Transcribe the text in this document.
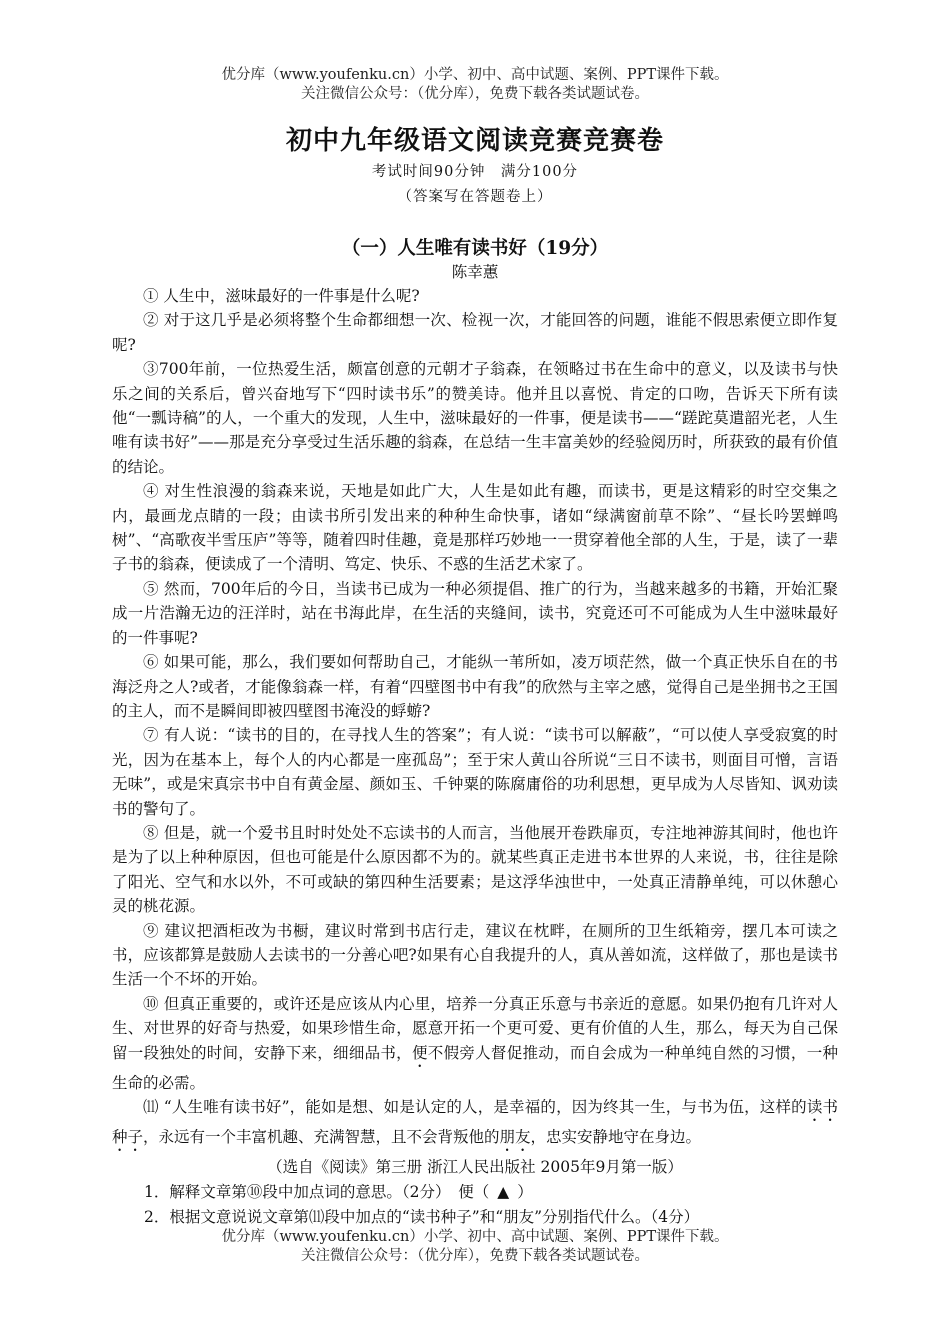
优分库（www.youfenku.cn）小学、初中、高中试题、案例、PPT课件下载。
关注微信公众号：（优分库），免费下载各类试题试卷。
初中九年级语文阅读竞赛竞赛卷
考试时间90分钟　满分100分
（答案写在答题卷上）
（一）人生唯有读书好（19分）
陈幸蕙

① 人生中，滋味最好的一件事是什么呢?

② 对于这几乎是必须将整个生命都细想一次、检视一次，才能回答的问题，谁能不假思索便立即作复呢?

③700年前，一位热爱生活，颇富创意的元朝才子翁森，在领略过书在生命中的意义，以及读书与快乐之间的关系后，曾兴奋地写下“四时读书乐”的赞美诗。他并且以喜悦、肯定的口吻，告诉天下所有读他“一瓢诗稿”的人，一个重大的发现，人生中，滋味最好的一件事，便是读书——“蹉跎莫遣韶光老，人生唯有读书好”——那是充分享受过生活乐趣的翁森，在总结一生丰富美妙的经验阅历时，所获致的最有价值的结论。

④ 对生性浪漫的翁森来说，天地是如此广大，人生是如此有趣，而读书，更是这精彩的时空交集之内，最画龙点睛的一段；由读书所引发出来的种种生命快事，诸如“绿满窗前草不除”、“昼长吟罢蝉鸣树”、“高歌夜半雪压庐”等等，随着四时佳趣，竟是那样巧妙地一一贯穿着他全部的人生，于是，读了一辈子书的翁森，便读成了一个清明、笃定、快乐、不惑的生活艺术家了。

⑤ 然而，700年后的今日，当读书已成为一种必须提倡、推广的行为，当越来越多的书籍，开始汇聚成一片浩瀚无边的汪洋时，站在书海此岸，在生活的夹缝间，读书，究竟还可不可能成为人生中滋味最好的一件事呢?

⑥ 如果可能，那么，我们要如何帮助自己，才能纵一苇所如，凌万顷茫然，做一个真正快乐自在的书海泛舟之人?或者，才能像翁森一样，有着“四壁图书中有我”的欣然与主宰之感，觉得自己是坐拥书之王国的主人，而不是瞬间即被四壁图书淹没的蜉蝣?

⑦ 有人说：“读书的目的，在寻找人生的答案”；有人说：“读书可以解蔽”，“可以使人享受寂寞的时光，因为在基本上，每个人的内心都是一座孤岛”；至于宋人黄山谷所说“三日不读书，则面目可憎，言语无味”，或是宋真宗书中自有黄金屋、颜如玉、千钟粟的陈腐庸俗的功利思想，更早成为人尽皆知、讽劝读书的警句了。

⑧ 但是，就一个爱书且时时处处不忘读书的人而言，当他展开卷跌扉页，专注地神游其间时，他也许是为了以上种种原因，但也可能是什么原因都不为的。就某些真正走进书本世界的人来说，书，往往是除了阳光、空气和水以外，不可或缺的第四种生活要素；是这浮华浊世中，一处真正清静单纯，可以休憩心灵的桃花源。

⑨ 建议把酒柜改为书橱，建议时常到书店行走，建议在枕畔，在厕所的卫生纸箱旁，摆几本可读之书，应该都算是鼓励人去读书的一分善心吧?如果有心自我提升的人，真从善如流，这样做了，那也是读书生活一个不坏的开始。

⑩ 但真正重要的，或许还是应该从内心里，培养一分真正乐意与书亲近的意愿。如果仍抱有几许对人生、对世界的好奇与热爱，如果珍惜生命，愿意开拓一个更可爱、更有价值的人生，那么，每天为自己保留一段独处的时间，安静下来，细细品书，便不假旁人督促推动，而自会成为一种单纯自然的习惯，一种生命的必需。

⑾ “人生唯有读书好”，能如是想、如是认定的人，是幸福的，因为终其一生，与书为伍，这样的读书种子，永远有一个丰富机趣、充满智慧，且不会背叛他的朋友，忠实安静地守在身边。

（选自《阅读》第三册 浙江人民出版社 2005年9月第一版）
1．解释文章第⑩段中加点词的意思。（2分）　便（ ▲ ）
2．根据文意说说文章第⑾段中加点的“读书种子”和“朋友”分别指代什么。（4分）
优分库（www.youfenku.cn）小学、初中、高中试题、案例、PPT课件下载。
关注微信公众号：（优分库），免费下载各类试题试卷。
